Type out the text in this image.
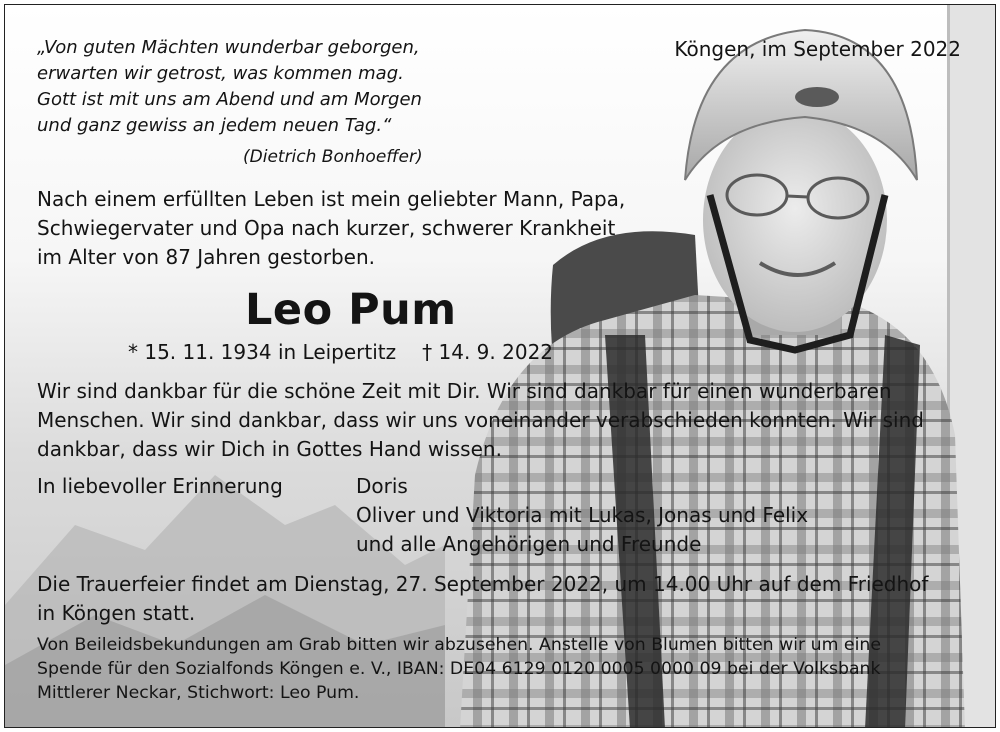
„Von guten Mächten wunderbar geborgen,
erwarten wir getrost, was kommen mag.
Gott ist mit uns am Abend und am Morgen
und ganz gewiss an jedem neuen Tag.“

(Dietrich Bonhoeffer)

Köngen, im September 2022

Nach einem erfüllten Leben ist mein geliebter Mann, Papa,
Schwiegervater und Opa nach kurzer, schwerer Krankheit
im Alter von 87 Jahren gestorben.

Leo Pum

* 15. 11. 1934 in Leipertitz † 14. 9. 2022

Wir sind dankbar für die schöne Zeit mit Dir. Wir sind dankbar für einen wunderbaren
Menschen. Wir sind dankbar, dass wir uns voneinander verabschieden konnten. Wir sind
dankbar, dass wir Dich in Gottes Hand wissen.

In liebevoller Erinnerung	Doris
Oliver und Viktoria mit Lukas, Jonas und Felix
und alle Angehörigen und Freunde

Die Trauerfeier findet am Dienstag, 27. September 2022, um 14.00 Uhr auf dem Friedhof
in Köngen statt.

Von Beileidsbekundungen am Grab bitten wir abzusehen. Anstelle von Blumen bitten wir um eine
Spende für den Sozialfonds Köngen e. V., IBAN: DE04 6129 0120 0005 0000 09 bei der Volksbank
Mittlerer Neckar, Stichwort: Leo Pum.
